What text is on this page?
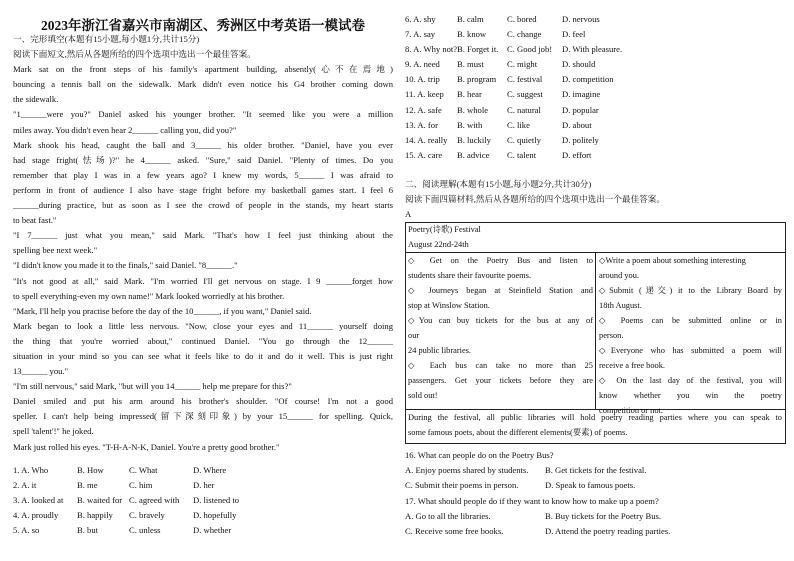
2023年浙江省嘉兴市南湖区、秀洲区中考英语一模试卷
一、完形填空(本题有15小题,每小题1分,共计15分)
阅读下面短文,然后从各题所给的四个选项中选出一个最佳答案。
Mark sat on the front steps of his family's apartment building, absently(心不在焉地)
bouncing a tennis ball on the sidewalk. Mark didn't even notice his G4 brother coming down
the sidewalk.
"1______were you?" Daniel asked his younger brother. "It seemed like you were a million
miles away. You didn't even hear 2______ calling you, did you?"
Mark shook his head, caught the ball and 3______ his older brother. "Daniel, have you ever
had stage fright(怯场)?" he 4______ asked. "Sure," said Daniel. "Plenty of times. Do you
remember that play I was in a few years ago? I knew my words, 5______ I was afraid to
perform in front of audience I also have stage fright before my basketball games start. I feel 6
______during practice, but as soon as I see the crowd of people in the stands, my heart starts
to beat fast."
"I 7______ just what you mean," said Mark. "That's how I feel just thinking about the
spelling bee next week."
"I didn't know you made it to the finals," said Daniel. "8______."
"It's not good at all," said Mark. "I'm worried I'll get nervous on stage. I 9 ______forget how
to spell everything-even my own name!" Mark looked worriedly at his brother.
"Mark, I'll help you practise before the day of the 10______, if you want," Daniel said.
Mark began to look a little less nervous. "Now, close your eyes and 11______ yourself doing
the thing that you're worried about," continued Daniel. "You go through the 12______
situation in your mind so you can see what it feels like to do it and do it well. This is just right
13______ you."
"I'm still nervous," said Mark, "but will you 14______ help me prepare for this?"
Daniel smiled and put his arm around his brother's shoulder. "Of course! I'm not a good
speller. I can't help being impressed(留下深刻印象) by your 15______ for spelling. Quick,
spell 'talent'!" he joked.
Mark just rolled his eyes. "T-H-A-N-K, Daniel. You're a pretty good brother."
1. A. Who	B. How	C. What	D. Where
2. A. it	B. me	C. him	D. her
3. A. looked at	B. waited for C. agreed with	D. listened to
4. A. proudly	B. happily	C. bravely	D. hopefully
5. A. so	B. but	C. unless	D. whether
6. A. shy	B. calm	C. bored	D. nervous
7. A. say	B. know	C. change	D. feel
8. A. Why not? B. Forget it.	C. Good job!	D. With pleasure.
9. A. need	B. must	C. might	D. should
10. A. trip	B. program	C. festival	D. competition
11. A. keep	B. hear	C. suggest	D. imagine
12. A. safe	B. whole	C. natural	D. popular
13. A. for	B. with	C. like	D. about
14. A. really	B. luckily	C. quietly	D. politely
15. A. care	B. advice	C. talent	D. effort
二、阅读理解(本题有15小题,每小题2分,共计30分)
阅读下面四篇材料,然后从各题所给的四个选项中选出一个最佳答案。
A
Poetry(诗歌) Festival
August 22nd-24th
◇ Get on the Poetry Bus and listen to
students share their favourite poems.
◇ Journeys began at Steinfield Station and
stop at Winslow Station.
◇You can buy tickets for the bus at any of
our
24 public libraries.
◇ Each bus can take no more than 25
passengers. Get your tickets before they are
sold out!
◇Write a poem about something interesting
around you.
◇Submit (递交) it to the Library Board by
18th August.
◇ Poems can be submitted online or in
person.
◇Everyone who has submitted a poem will
receive a free book.
◇ On the last day of the festival, you will
know whether you win the poetry
competition or not.
During the festival, all public libraries will hold poetry reading parties where you can speak to
some famous poets, about the different elements(要素) of poems.
16. What can people do on the Poetry Bus?
A. Enjoy poems shared by students.	B. Get tickets for the festival.
C. Submit their poems in person.	D. Speak to famous poets.
17. What should people do if they want to know how to make up a poem?
A. Go to all the libraries.	B. Buy tickets for the Poetry Bus.
C. Receive some free books.	D. Attend the poetry reading parties.
